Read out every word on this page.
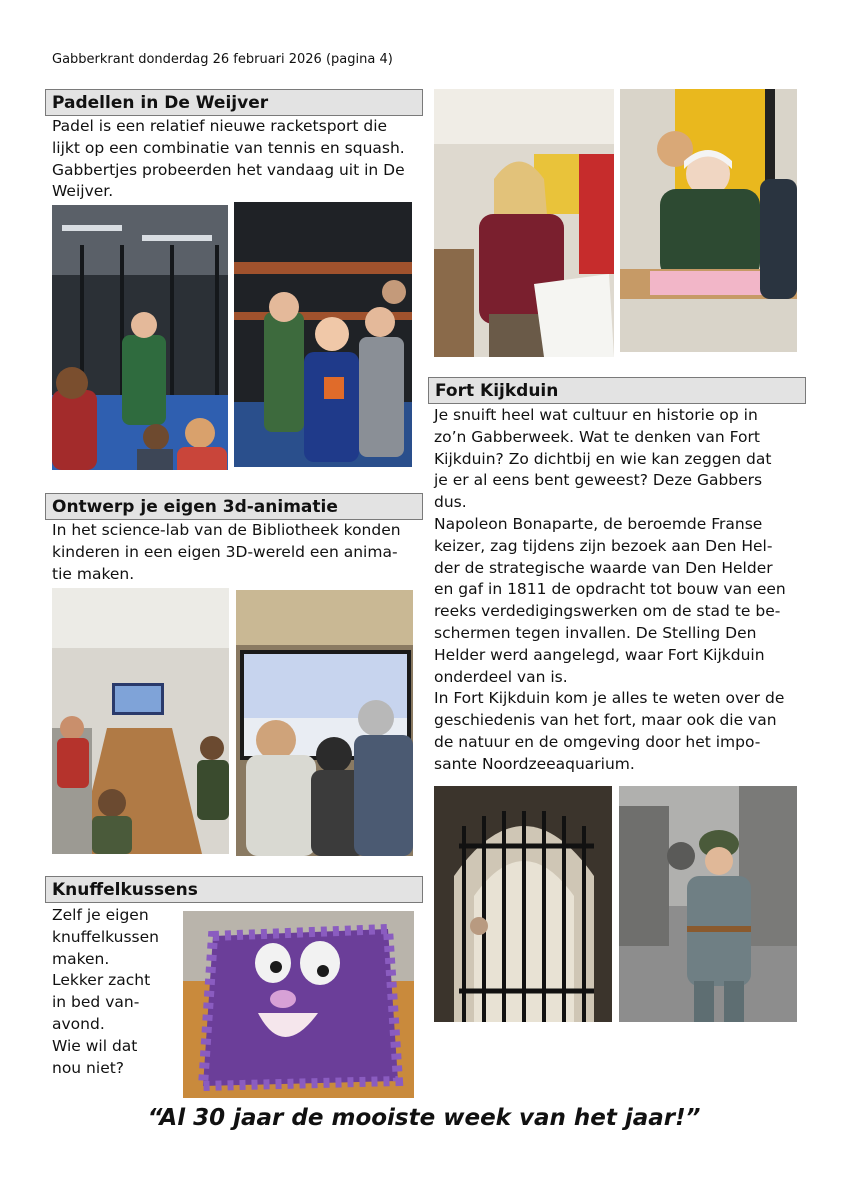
Gabberkrant donderdag 26 februari 2026 (pagina 4)
Padellen in De Weijver

Padel is een relatief nieuwe racketsport die

lijkt op een combinatie van tennis en squash.

Gabbertjes probeerden het vandaag uit in De

Weijver.

Ontwerp je eigen 3d-animatie

In het science-lab van de Bibliotheek konden

kinderen in een eigen 3D-wereld een anima-

tie maken.

Knuffelkussens

Zelf je eigen

knuffelkussen

maken.

Lekker zacht

in bed van-

avond.

Wie wil dat

nou niet?

Fort Kijkduin

Je snuift heel wat cultuur en historie op in

zo’n Gabberweek. Wat te denken van Fort

Kijkduin? Zo dichtbij en wie kan zeggen dat

je er al eens bent geweest? Deze Gabbers

dus.

Napoleon Bonaparte, de beroemde Franse

keizer, zag tijdens zijn bezoek aan Den Hel-

der de strategische waarde van Den Helder

en gaf in 1811 de opdracht tot bouw van een

reeks verdedigingswerken om de stad te be-

schermen tegen invallen. De Stelling Den

Helder werd aangelegd, waar Fort Kijkduin

onderdeel van is.

In Fort Kijkduin kom je alles te weten over de

geschiedenis van het fort, maar ook die van

de natuur en de omgeving door het impo-

sante Noordzeeaquarium.

“Al 30 jaar de mooiste week van het jaar!”
